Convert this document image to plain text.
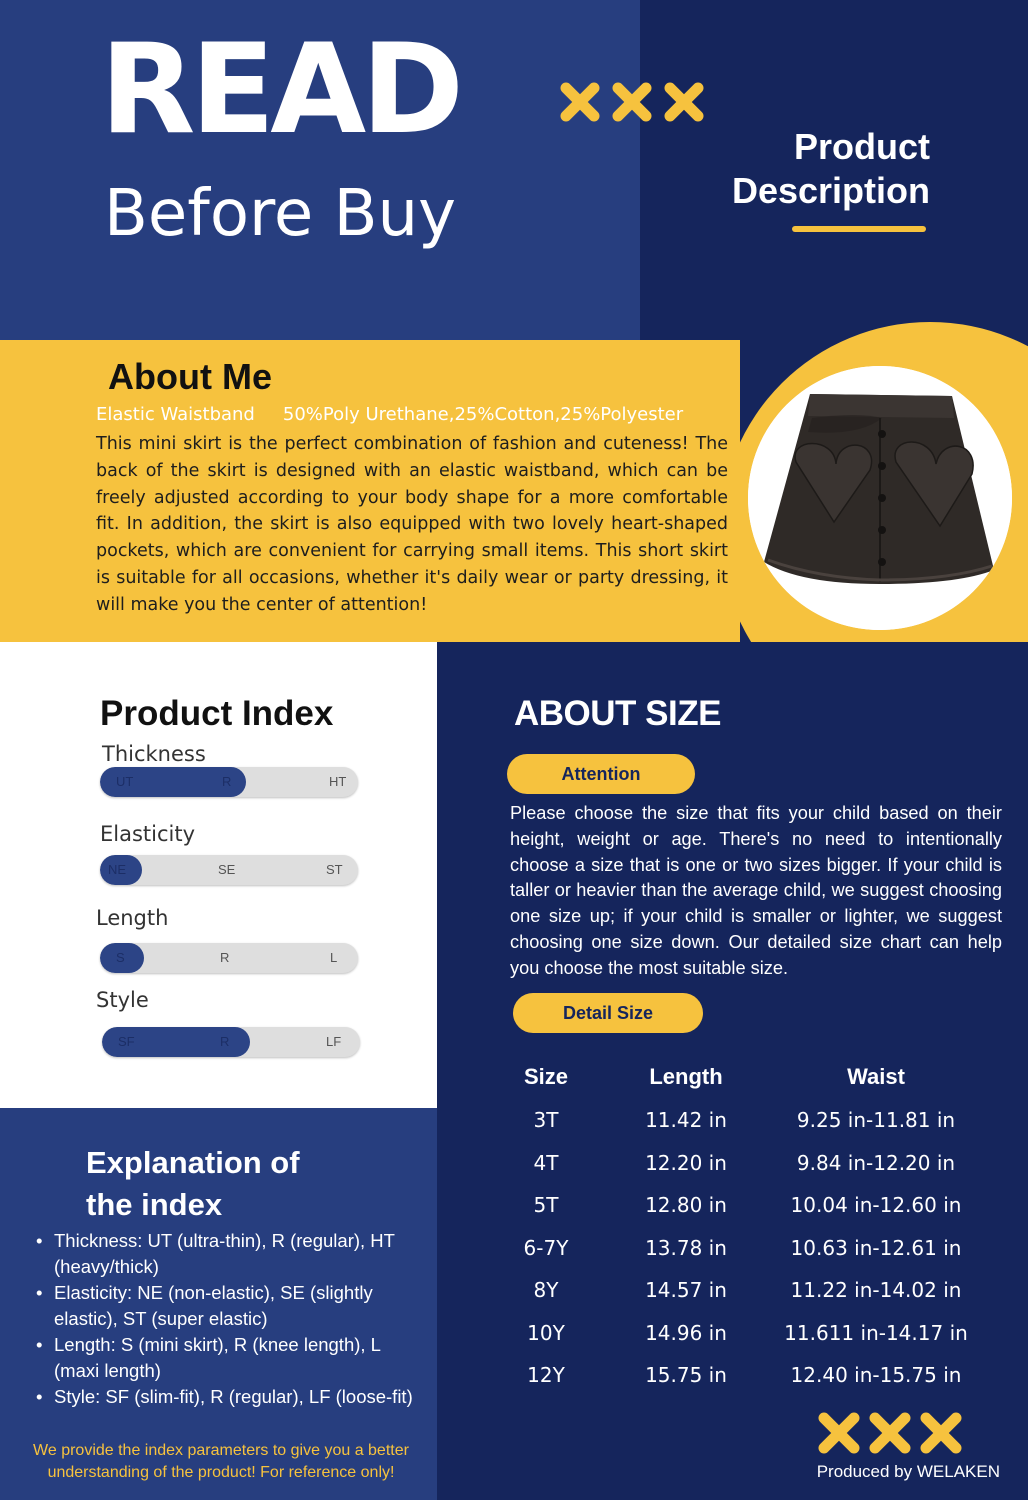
READ
Before Buy
Product
Description
About Me
Elastic Waistband 50%Poly Urethane,25%Cotton,25%Polyester
This mini skirt is the perfect combination of fashion and cuteness! The back of the skirt is designed with an elastic waistband, which can be freely adjusted according to your body shape for a more comfortable fit. In addition, the skirt is also equipped with two lovely heart-shaped pockets, which are convenient for carrying small items. This short skirt is suitable for all occasions, whether it's daily wear or party dressing, it will make you the center of attention!
Product Index
Thickness
UT	R	HT
Elasticity
NE	SE	ST
Length
S	R	L
Style
SF	R	LF
Explanation of
the index
• Thickness: UT (ultra-thin), R (regular), HT (heavy/thick)
• Elasticity: NE (non-elastic), SE (slightly elastic), ST (super elastic)
• Length: S (mini skirt), R (knee length), L (maxi length)
• Style: SF (slim-fit), R (regular), LF (loose-fit)
We provide the index parameters to give you a better understanding of the product! For reference only!
ABOUT SIZE
Attention
Please choose the size that fits your child based on their height, weight or age. There's no need to intentionally choose a size that is one or two sizes bigger. If your child is taller or heavier than the average child, we suggest choosing one size up; if your child is smaller or lighter, we suggest choosing one size down. Our detailed size chart can help you choose the most suitable size.
Detail Size
Size	Length	Waist
3T	11.42 in	9.25 in-11.81 in
4T	12.20 in	9.84 in-12.20 in
5T	12.80 in	10.04 in-12.60 in
6-7Y	13.78 in	10.63 in-12.61 in
8Y	14.57 in	11.22 in-14.02 in
10Y	14.96 in	11.611 in-14.17 in
12Y	15.75 in	12.40 in-15.75 in
Produced by WELAKEN
